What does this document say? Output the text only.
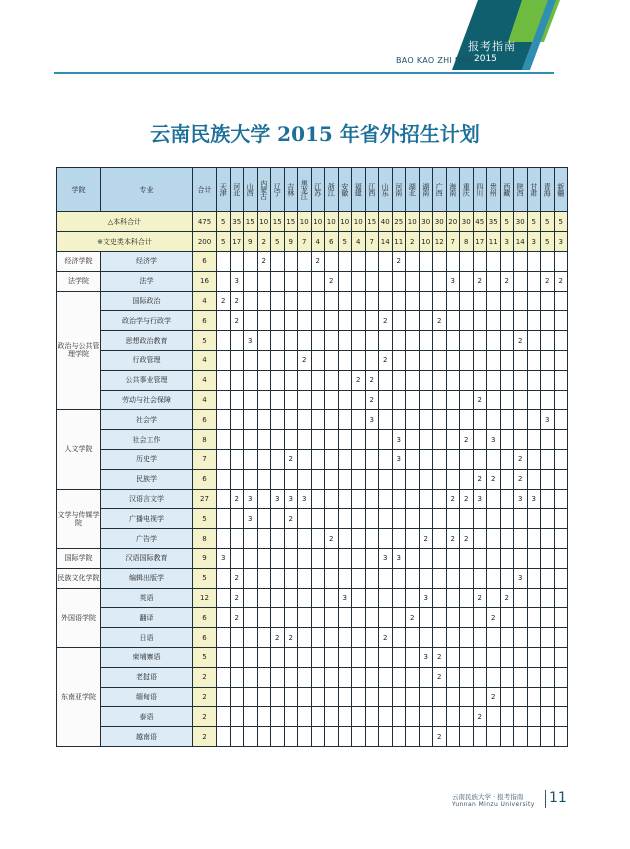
报考指南
2015
BAO KAO ZHI NAN
云南民族大学 2015 年省外招生计划
学院	专业	合计	天津	河北	山西	内蒙古	辽宁	吉林	黑龙江	江苏	浙江	安徽	福建	江西	山东	河南	湖北	湖南	广西	海南	重庆	四川	贵州	西藏	陕西	甘肃	青海	新疆
△本科合计		475	5	35	15	10	15	15	10	10	10	10	10	15	40	25	10	30	30	20	30	45	35	5	30	5	5	5
※文史类本科合计		200	5	17	9	2	5	9	7	4	6	5	4	7	14	11	2	10	12	7	8	17	11	3	14	3	5	3
经济学院	经济学	6				2				2						2												
法学院	法学	16		3							2									3		2		2			2	2
政治与公共管理学院	国际政治	4	2	2																								
	政治学与行政学	6		2											2				2									
	思想政治教育	5			3																				2			
	行政管理	4							2						2													
	公共事业管理	4											2	2														
	劳动与社会保障	4												2								2						
人文学院	社会学	6												3													3	
	社会工作	8														3					2		3					
	历史学	7						2								3									2			
	民族学	6																				2	2		2			
文学与传媒学院	汉语言文学	27		2	3		3	3	3											2	2	3			3	3		
	广播电视学	5			3			2																				
	广告学	8									2							2		2	2							
国际学院	汉语国际教育	9	3												3	3												
民族文化学院	编辑出版学	5		2																					3			
外国语学院	英语	12		2								3						3				2		2				
	翻译	6		2													2						2					
	日语	6					2	2							2													
东南亚学院	柬埔寨语	5																3	2									
	老挝语	2																	2									
	缅甸语	2																					2					
	泰语	2																				2						
	越南语	2																	2									
云南民族大学 · 报考指南
Yunnan Minzu University 11
